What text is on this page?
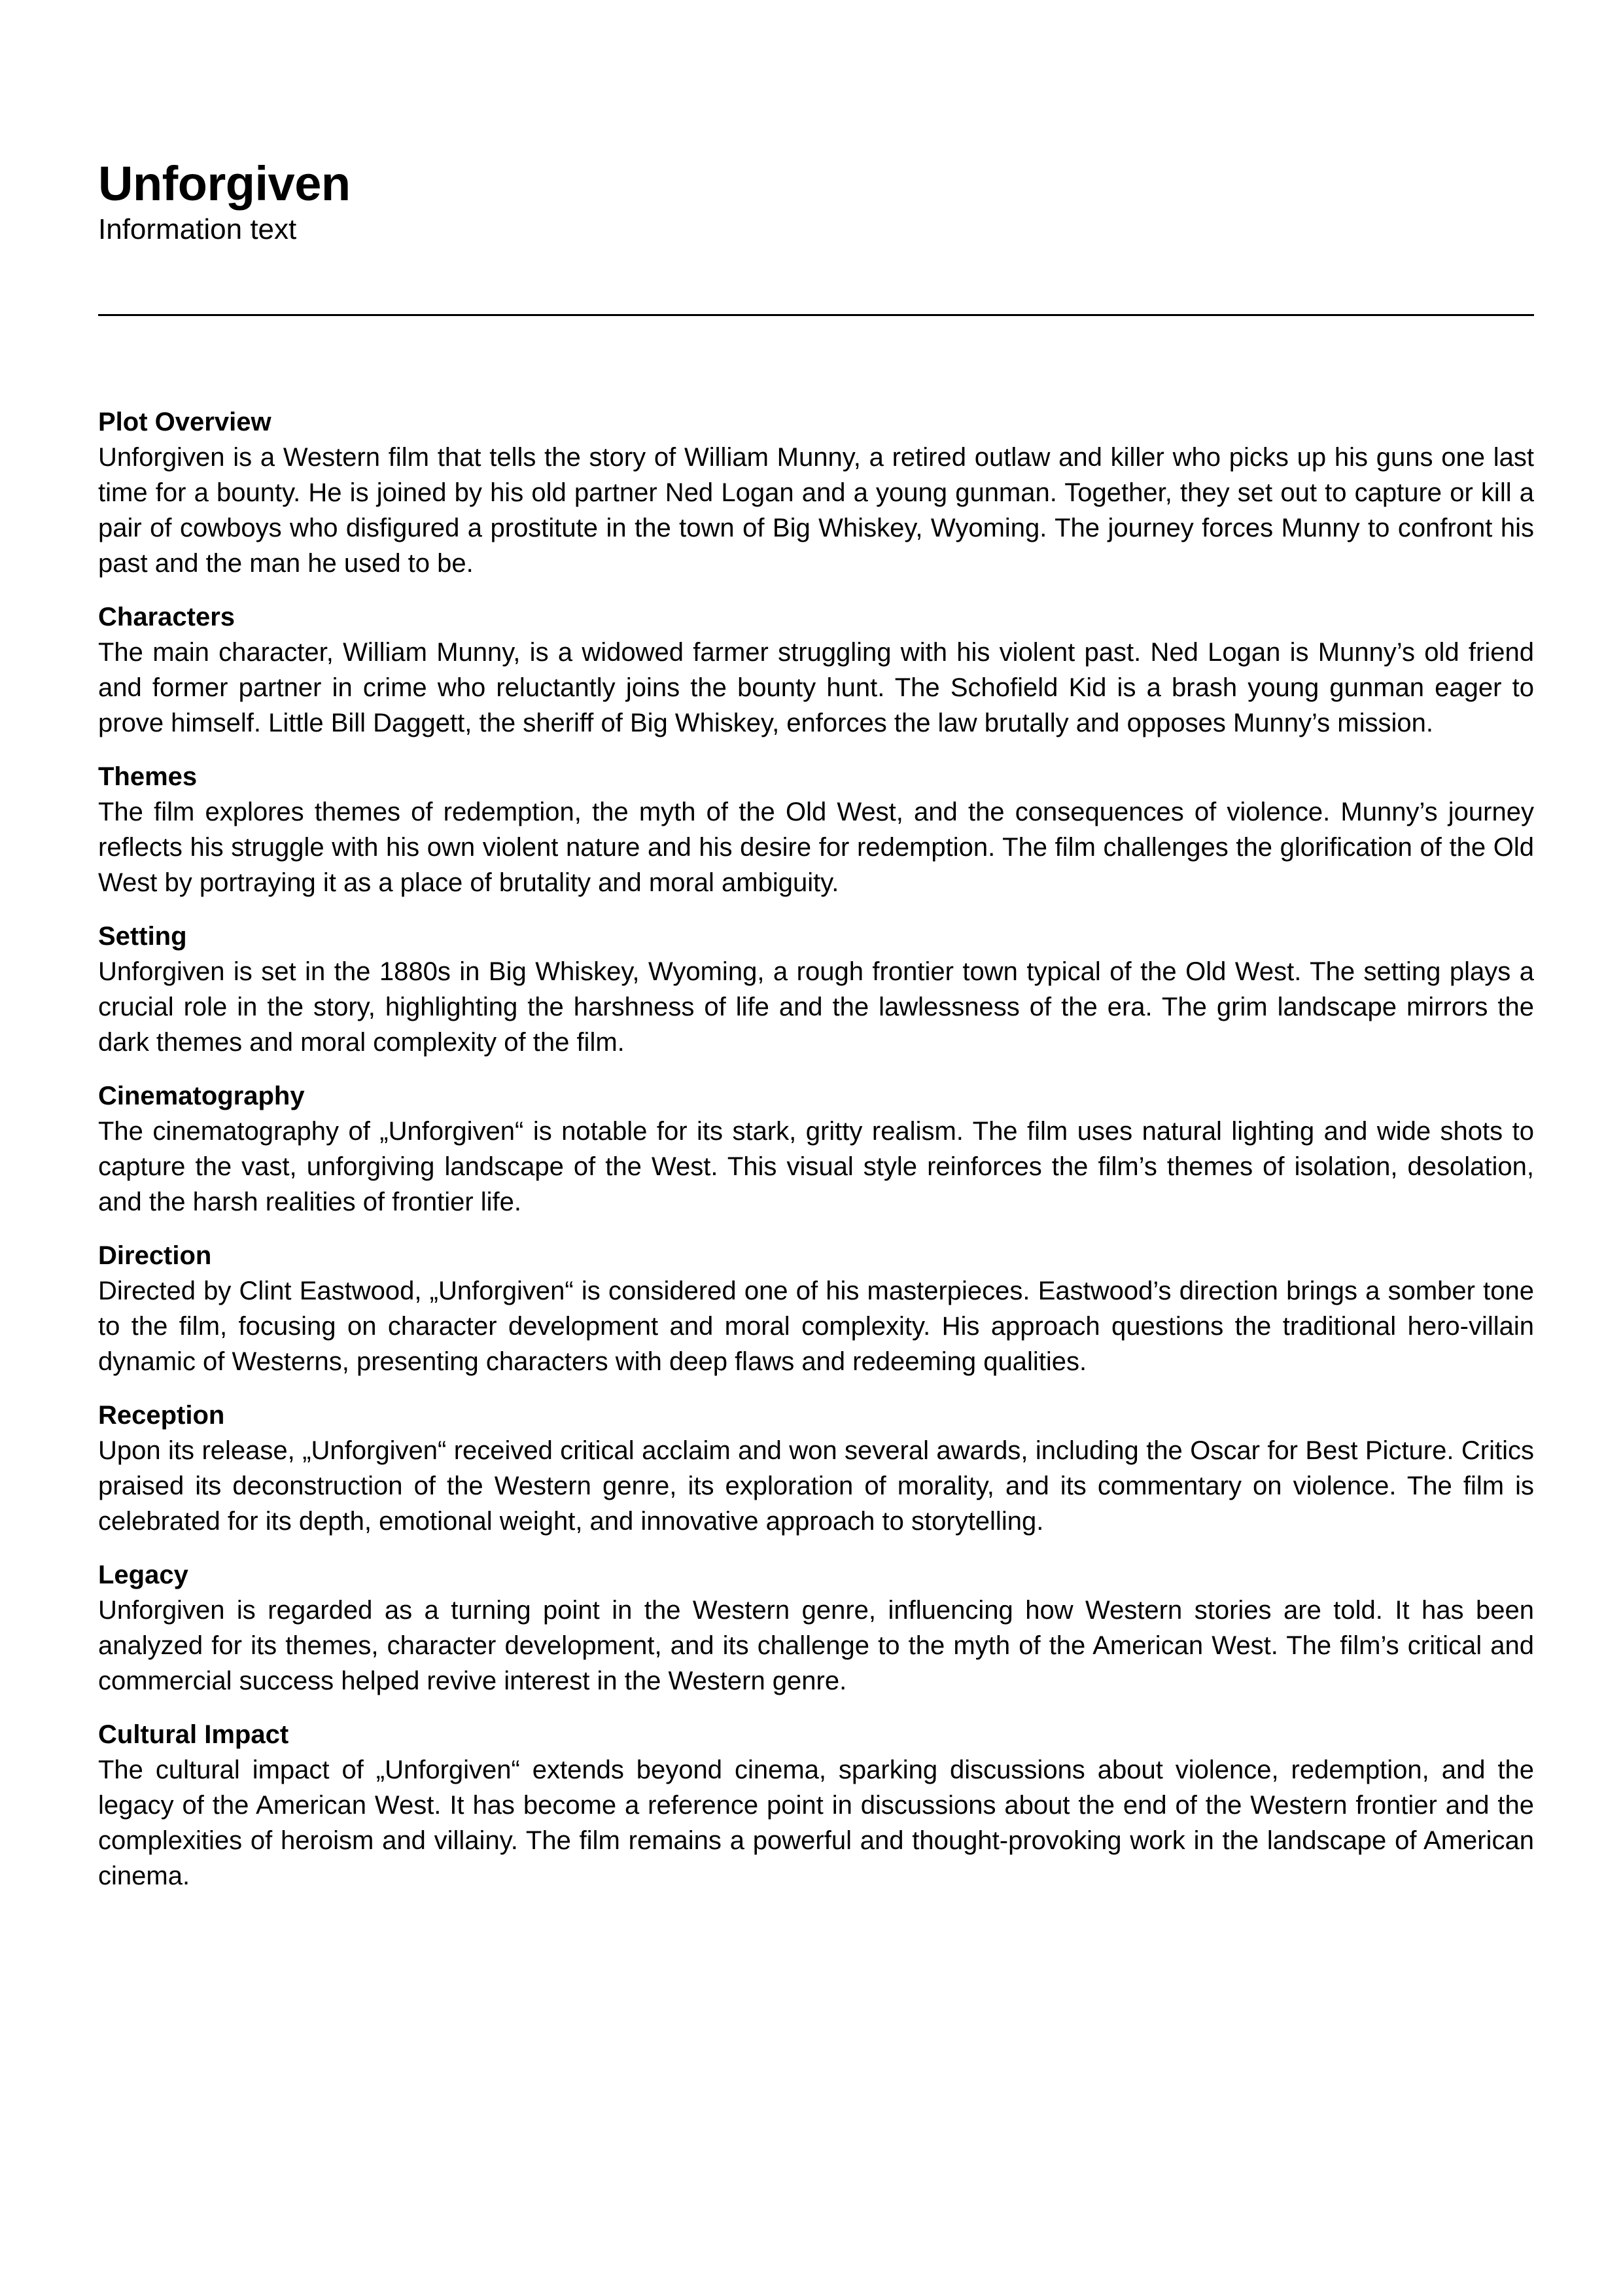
Unforgiven

Information text

Plot Overview

Unforgiven is a Western film that tells the story of William Munny, a retired outlaw and killer who picks up his guns one last time for a bounty. He is joined by his old partner Ned Logan and a young gunman. Together, they set out to capture or kill a pair of cowboys who disfigured a prostitute in the town of Big Whiskey, Wyoming. The journey forces Munny to confront his past and the man he used to be.

Characters

The main character, William Munny, is a widowed farmer struggling with his violent past. Ned Logan is Munny’s old friend and former partner in crime who reluctantly joins the bounty hunt. The Schofield Kid is a brash young gunman eager to prove himself. Little Bill Daggett, the sheriff of Big Whiskey, enforces the law brutally and opposes Munny’s mission.

Themes

The film explores themes of redemption, the myth of the Old West, and the consequences of violence. Munny’s journey reflects his struggle with his own violent nature and his desire for redemption. The film challenges the glorification of the Old West by portraying it as a place of brutality and moral ambiguity.

Setting

Unforgiven is set in the 1880s in Big Whiskey, Wyoming, a rough frontier town typical of the Old West. The setting plays a crucial role in the story, highlighting the harshness of life and the lawlessness of the era. The grim landscape mirrors the dark themes and moral complexity of the film.

Cinematography

The cinematography of „Unforgiven“ is notable for its stark, gritty realism. The film uses natural lighting and wide shots to capture the vast, unforgiving landscape of the West. This visual style reinforces the film’s themes of isolation, desolation, and the harsh realities of frontier life.

Direction

Directed by Clint Eastwood, „Unforgiven“ is considered one of his masterpieces. Eastwood’s direction brings a somber tone to the film, focusing on character development and moral complexity. His approach questions the traditional hero-villain dynamic of Westerns, presenting characters with deep flaws and redeeming qualities.

Reception

Upon its release, „Unforgiven“ received critical acclaim and won several awards, including the Oscar for Best Picture. Critics praised its deconstruction of the Western genre, its exploration of morality, and its commentary on violence. The film is celebrated for its depth, emotional weight, and innovative approach to storytelling.

Legacy

Unforgiven is regarded as a turning point in the Western genre, influencing how Western stories are told. It has been analyzed for its themes, character development, and its challenge to the myth of the American West. The film’s critical and commercial success helped revive interest in the Western genre.

Cultural Impact

The cultural impact of „Unforgiven“ extends beyond cinema, sparking discussions about violence, redemption, and the legacy of the American West. It has become a reference point in discussions about the end of the Western frontier and the complexities of heroism and villainy. The film remains a powerful and thought-provoking work in the landscape of American cinema.
